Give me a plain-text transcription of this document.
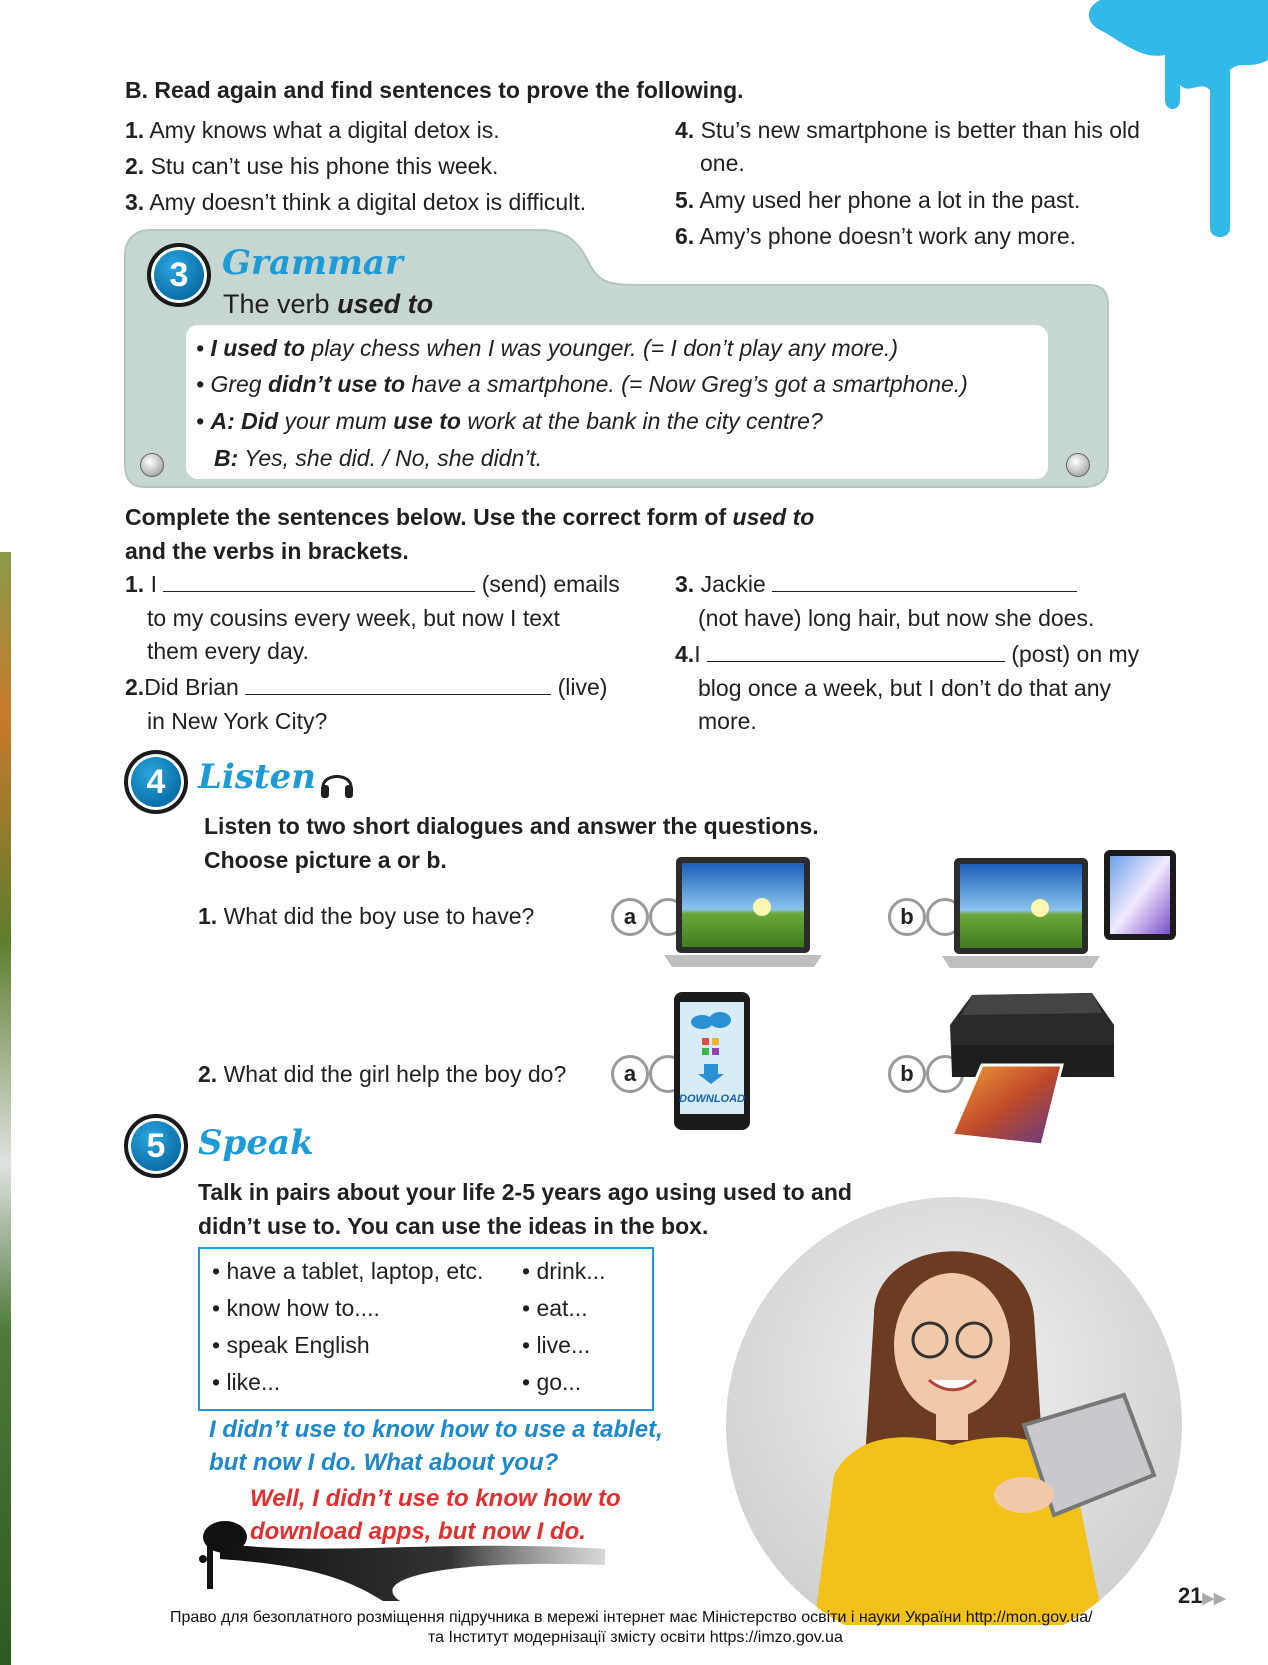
B. Read again and find sentences to prove the following.
1. Amy knows what a digital detox is.
2. Stu can’t use his phone this week.
3. Amy doesn’t think a digital detox is difficult.
4. Stu’s new smartphone is better than his old
one.
5. Amy used her phone a lot in the past.
6. Amy’s phone doesn’t work any more.
3 Grammar
The verb used to
• I used to play chess when I was younger. (= I don’t play any more.)
• Greg didn’t use to have a smartphone. (= Now Greg’s got a smartphone.)
• A: Did your mum use to work at the bank in the city centre?
B: Yes, she did. / No, she didn’t.
Complete the sentences below. Use the correct form of used to
and the verbs in brackets.
1. I	(send) emails
to my cousins every week, but now I text
them every day.
2.Did Brian	(live)
in New York City?
3. Jackie
(not have) long hair, but now she does.
4.I	(post) on my
blog once a week, but I don’t do that any
more.
4 Listen
Listen to two short dialogues and answer the questions.
Choose picture a or b.
1. What did the boy use to have?
2. What did the girl help the boy do?
a	b
a	b
DOWNLOAD
5 Speak
Talk in pairs about your life 2-5 years ago using used to and
didn’t use to. You can use the ideas in the box.
• have a tablet, laptop, etc.
• know how to....
• speak English
• like...
• drink...
• eat...
• live...
• go...
I didn’t use to know how to use a tablet,
but now I do. What about you?
Well, I didn’t use to know how to
download apps, but now I do.
21▶▶
Право для безоплатного розміщення підручника в мережі інтернет має Міністерство освіти і науки України http://mon.gov.ua/
та Інститут модернізації змісту освіти https://imzo.gov.ua
